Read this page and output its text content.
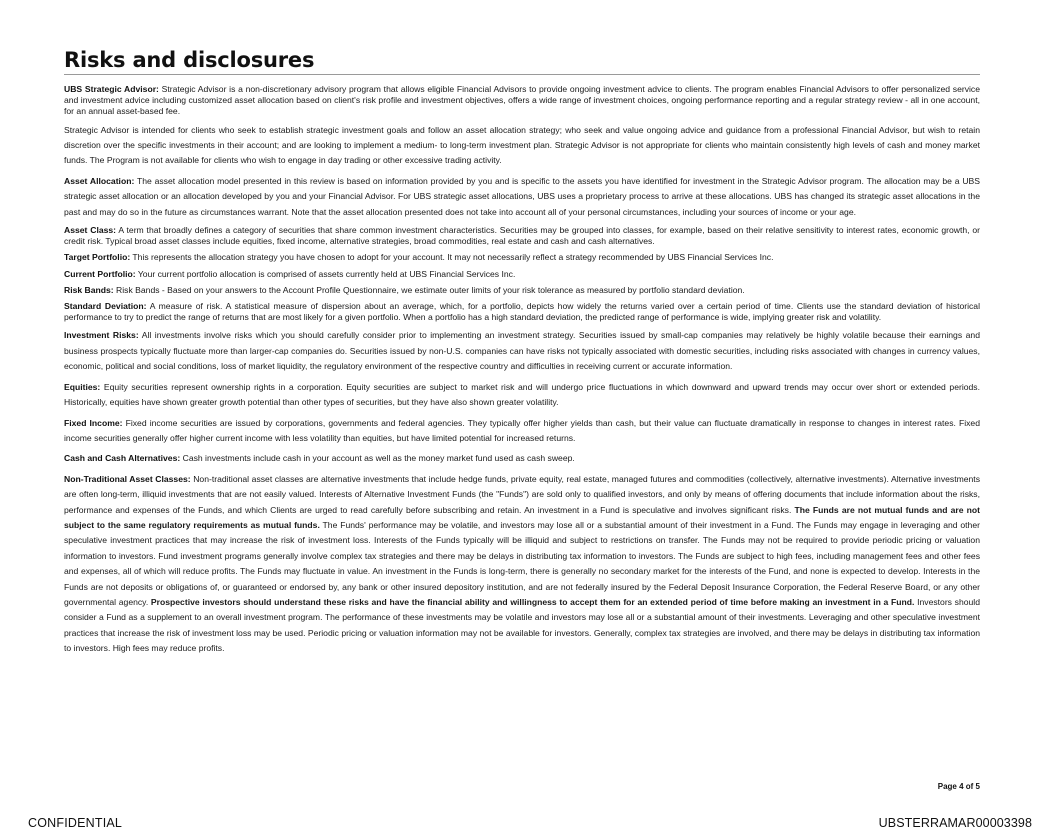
Risks and disclosures

UBS Strategic Advisor: Strategic Advisor is a non-discretionary advisory program that allows eligible Financial Advisors to provide ongoing investment advice to clients. The program enables Financial Advisors to offer personalized service and investment advice including customized asset allocation based on client's risk profile and investment objectives, offers a wide range of investment choices, ongoing performance reporting and a regular strategy review - all in one account, for an annual asset-based fee.

Strategic Advisor is intended for clients who seek to establish strategic investment goals and follow an asset allocation strategy; who seek and value ongoing advice and guidance from a professional Financial Advisor, but wish to retain discretion over the specific investments in their account; and are looking to implement a medium- to long-term investment plan. Strategic Advisor is not appropriate for clients who maintain consistently high levels of cash and money market funds. The Program is not available for clients who wish to engage in day trading or other excessive trading activity.

Asset Allocation: The asset allocation model presented in this review is based on information provided by you and is specific to the assets you have identified for investment in the Strategic Advisor program. The allocation may be a UBS strategic asset allocation or an allocation developed by you and your Financial Advisor. For UBS strategic asset allocations, UBS uses a proprietary process to arrive at these allocations. UBS has changed its strategic asset allocations in the past and may do so in the future as circumstances warrant. Note that the asset allocation presented does not take into account all of your personal circumstances, including your sources of income or your age.

Asset Class: A term that broadly defines a category of securities that share common investment characteristics. Securities may be grouped into classes, for example, based on their relative sensitivity to interest rates, economic growth, or credit risk. Typical broad asset classes include equities, fixed income, alternative strategies, broad commodities, real estate and cash and cash alternatives.

Target Portfolio: This represents the allocation strategy you have chosen to adopt for your account. It may not necessarily reflect a strategy recommended by UBS Financial Services Inc.

Current Portfolio: Your current portfolio allocation is comprised of assets currently held at UBS Financial Services Inc.

Risk Bands: Risk Bands - Based on your answers to the Account Profile Questionnaire, we estimate outer limits of your risk tolerance as measured by portfolio standard deviation.

Standard Deviation: A measure of risk. A statistical measure of dispersion about an average, which, for a portfolio, depicts how widely the returns varied over a certain period of time. Clients use the standard deviation of historical performance to try to predict the range of returns that are most likely for a given portfolio. When a portfolio has a high standard deviation, the predicted range of performance is wide, implying greater risk and volatility.

Investment Risks: All investments involve risks which you should carefully consider prior to implementing an investment strategy. Securities issued by small-cap companies may relatively be highly volatile because their earnings and business prospects typically fluctuate more than larger-cap companies do. Securities issued by non-U.S. companies can have risks not typically associated with domestic securities, including risks associated with changes in currency values, economic, political and social conditions, loss of market liquidity, the regulatory environment of the respective country and difficulties in receiving current or accurate information.

Equities: Equity securities represent ownership rights in a corporation. Equity securities are subject to market risk and will undergo price fluctuations in which downward and upward trends may occur over short or extended periods. Historically, equities have shown greater growth potential than other types of securities, but they have also shown greater volatility.

Fixed Income: Fixed income securities are issued by corporations, governments and federal agencies. They typically offer higher yields than cash, but their value can fluctuate dramatically in response to changes in interest rates. Fixed income securities generally offer higher current income with less volatility than equities, but have limited potential for increased returns.

Cash and Cash Alternatives: Cash investments include cash in your account as well as the money market fund used as cash sweep.

Non-Traditional Asset Classes: Non-traditional asset classes are alternative investments that include hedge funds, private equity, real estate, managed futures and commodities (collectively, alternative investments). Alternative investments are often long-term, illiquid investments that are not easily valued. Interests of Alternative Investment Funds (the "Funds") are sold only to qualified investors, and only by means of offering documents that include information about the risks, performance and expenses of the Funds, and which Clients are urged to read carefully before subscribing and retain. An investment in a Fund is speculative and involves significant risks. The Funds are not mutual funds and are not subject to the same regulatory requirements as mutual funds. The Funds' performance may be volatile, and investors may lose all or a substantial amount of their investment in a Fund. The Funds may engage in leveraging and other speculative investment practices that may increase the risk of investment loss. Interests of the Funds typically will be illiquid and subject to restrictions on transfer. The Funds may not be required to provide periodic pricing or valuation information to investors. Fund investment programs generally involve complex tax strategies and there may be delays in distributing tax information to investors. The Funds are subject to high fees, including management fees and other fees and expenses, all of which will reduce profits. The Funds may fluctuate in value. An investment in the Funds is long-term, there is generally no secondary market for the interests of the Fund, and none is expected to develop. Interests in the Funds are not deposits or obligations of, or guaranteed or endorsed by, any bank or other insured depository institution, and are not federally insured by the Federal Deposit Insurance Corporation, the Federal Reserve Board, or any other governmental agency. Prospective investors should understand these risks and have the financial ability and willingness to accept them for an extended period of time before making an investment in a Fund. Investors should consider a Fund as a supplement to an overall investment program. The performance of these investments may be volatile and investors may lose all or a substantial amount of their investments. Leveraging and other speculative investment practices that increase the risk of investment loss may be used. Periodic pricing or valuation information may not be available for investors. Generally, complex tax strategies are involved, and there may be delays in distributing tax information to investors. High fees may reduce profits.

Page 4 of 5
CONFIDENTIAL	UBSTERRAMAR00003398
